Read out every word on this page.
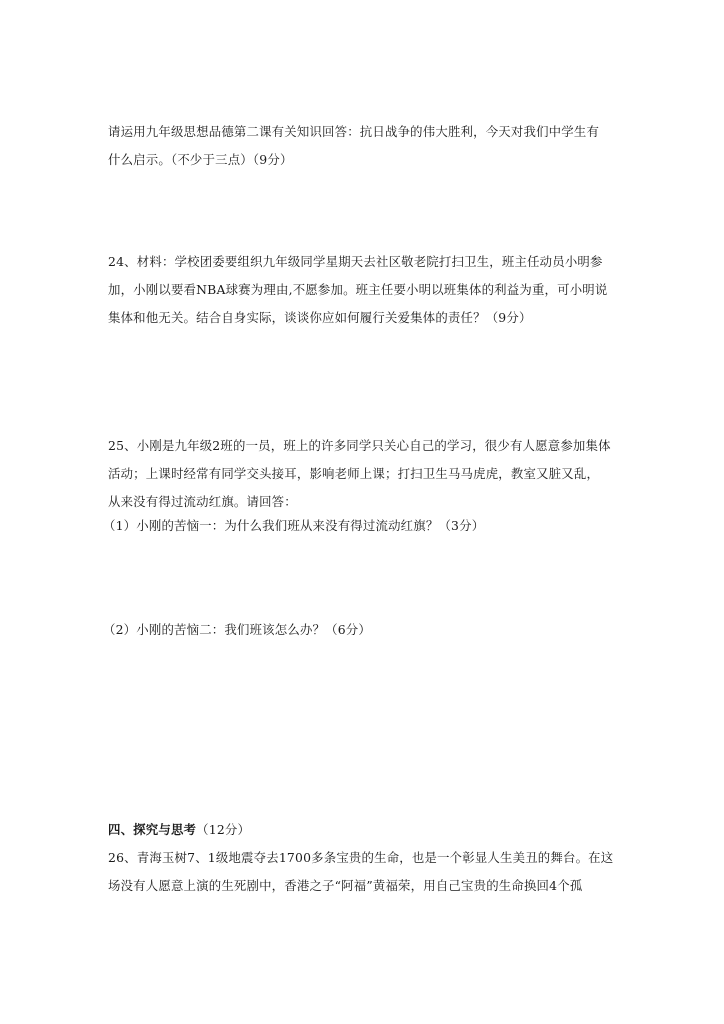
请运用九年级思想品德第二课有关知识回答：抗日战争的伟大胜利，今天对我们中学生有
什么启示。（不少于三点）（9分）
24、材料：学校团委要组织九年级同学星期天去社区敬老院打扫卫生，班主任动员小明参
加，小刚以要看NBA球赛为理由,不愿参加。班主任要小明以班集体的利益为重，可小明说
集体和他无关。结合自身实际，谈谈你应如何履行关爱集体的责任？（9分）
25、小刚是九年级2班的一员，班上的许多同学只关心自己的学习，很少有人愿意参加集体
活动；上课时经常有同学交头接耳，影响老师上课；打扫卫生马马虎虎，教室又脏又乱，
从来没有得过流动红旗。请回答：
（1）小刚的苦恼一：为什么我们班从来没有得过流动红旗？（3分）
（2）小刚的苦恼二：我们班该怎么办？（6分）
四、探究与思考（12分）
26、青海玉树7、1级地震夺去1700多条宝贵的生命，也是一个彰显人生美丑的舞台。在这
场没有人愿意上演的生死剧中，香港之子“阿福”黄福荣，用自己宝贵的生命换回4个孤
